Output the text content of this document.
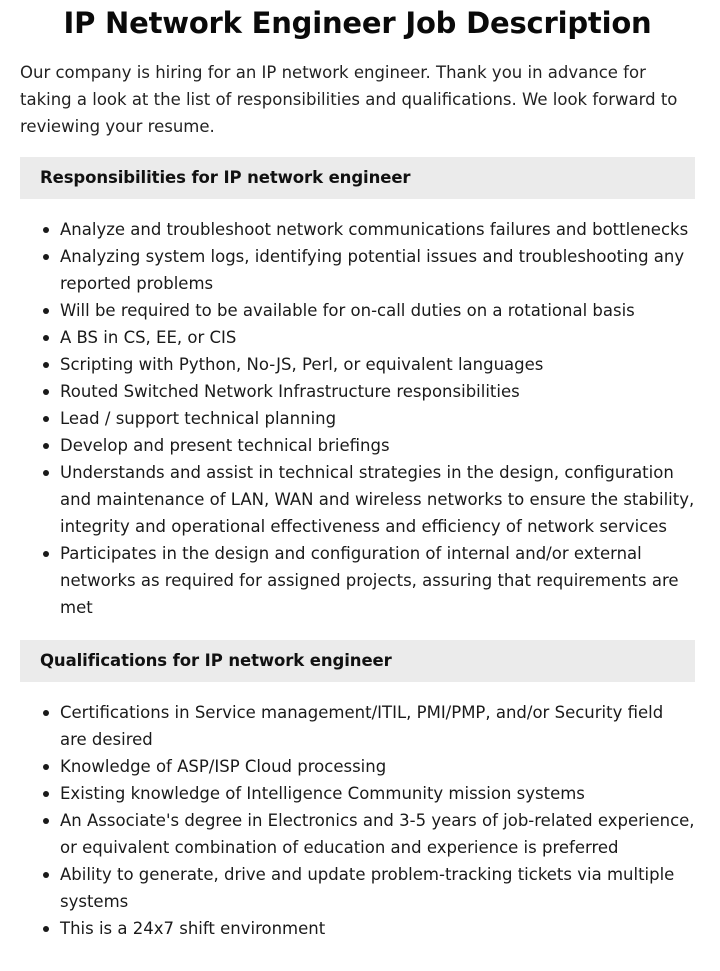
IP Network Engineer Job Description

Our company is hiring for an IP network engineer. Thank you in advance for taking a look at the list of responsibilities and qualifications. We look forward to reviewing your resume.

Responsibilities for IP network engineer
Analyze and troubleshoot network communications failures and bottlenecks
Analyzing system logs, identifying potential issues and troubleshooting any reported problems
Will be required to be available for on-call duties on a rotational basis
A BS in CS, EE, or CIS
Scripting with Python, No-JS, Perl, or equivalent languages
Routed Switched Network Infrastructure responsibilities
Lead / support technical planning
Develop and present technical briefings
Understands and assist in technical strategies in the design, configuration and maintenance of LAN, WAN and wireless networks to ensure the stability, integrity and operational effectiveness and efficiency of network services
Participates in the design and configuration of internal and/or external networks as required for assigned projects, assuring that requirements are met
Qualifications for IP network engineer
Certifications in Service management/ITIL, PMI/PMP, and/or Security field are desired
Knowledge of ASP/ISP Cloud processing
Existing knowledge of Intelligence Community mission systems
An Associate's degree in Electronics and 3-5 years of job-related experience, or equivalent combination of education and experience is preferred
Ability to generate, drive and update problem-tracking tickets via multiple systems
This is a 24x7 shift environment
